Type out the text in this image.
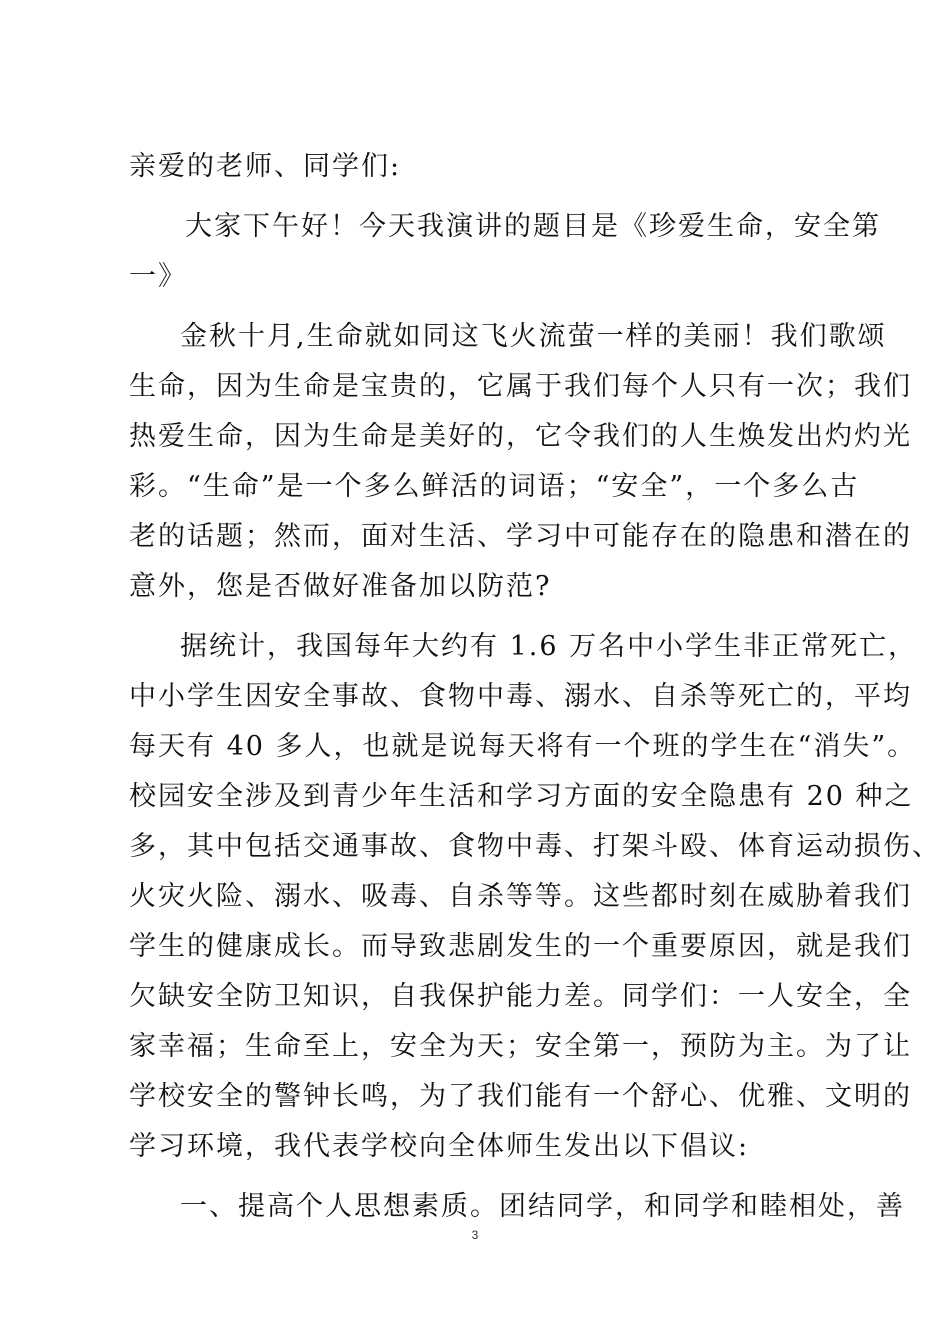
亲爱的老师、同学们:
大家下午好！今天我演讲的题目是《珍爱生命，安全第
一》
金秋十月,生命就如同这飞火流萤一样的美丽！我们歌颂
生命，因为生命是宝贵的，它属于我们每个人只有一次；我们
热爱生命，因为生命是美好的，它令我们的人生焕发出灼灼光
彩。“生命”是一个多么鲜活的词语；“安全”，一个多么古
老的话题；然而，面对生活、学习中可能存在的隐患和潜在的
意外，您是否做好准备加以防范?
据统计，我国每年大约有 1.6 万名中小学生非正常死亡，
中小学生因安全事故、食物中毒、溺水、自杀等死亡的，平均
每天有 40 多人，也就是说每天将有一个班的学生在“消失”。
校园安全涉及到青少年生活和学习方面的安全隐患有 20 种之
多，其中包括交通事故、食物中毒、打架斗殴、体育运动损伤、
火灾火险、溺水、吸毒、自杀等等。这些都时刻在威胁着我们
学生的健康成长。而导致悲剧发生的一个重要原因，就是我们
欠缺安全防卫知识，自我保护能力差。同学们：一人安全，全
家幸福；生命至上，安全为天；安全第一，预防为主。为了让
学校安全的警钟长鸣，为了我们能有一个舒心、优雅、文明的
学习环境，我代表学校向全体师生发出以下倡议:
一、提高个人思想素质。团结同学，和同学和睦相处，善
3
